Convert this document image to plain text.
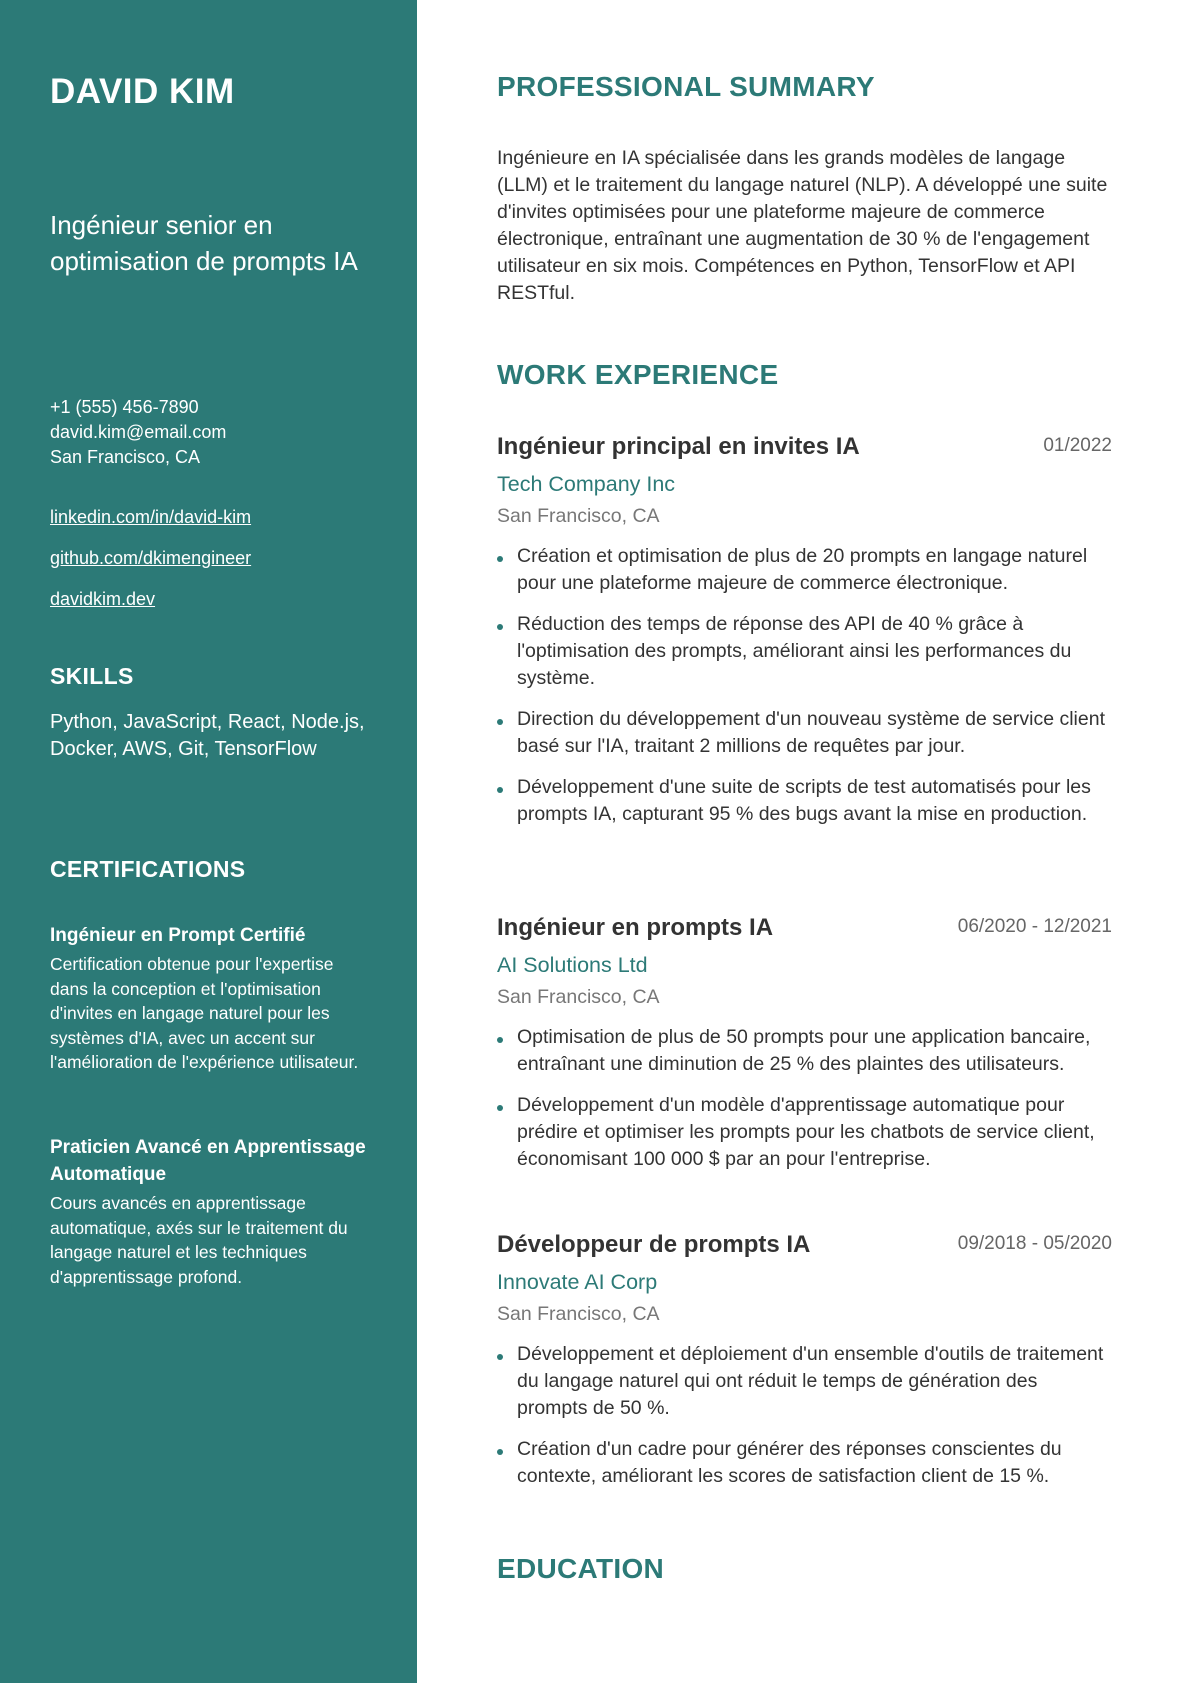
DAVID KIM
Ingénieur senior en optimisation de prompts IA
+1 (555) 456-7890
david.kim@email.com
San Francisco, CA
linkedin.com/in/david-kim
github.com/dkimengineer
davidkim.dev
SKILLS
Python, JavaScript, React, Node.js, Docker, AWS, Git, TensorFlow
CERTIFICATIONS
Ingénieur en Prompt Certifié
Certification obtenue pour l'expertise dans la conception et l'optimisation d'invites en langage naturel pour les systèmes d'IA, avec un accent sur l'amélioration de l'expérience utilisateur.
Praticien Avancé en Apprentissage Automatique
Cours avancés en apprentissage automatique, axés sur le traitement du langage naturel et les techniques d'apprentissage profond.
PROFESSIONAL SUMMARY
Ingénieure en IA spécialisée dans les grands modèles de langage (LLM) et le traitement du langage naturel (NLP). A développé une suite d'invites optimisées pour une plateforme majeure de commerce électronique, entraînant une augmentation de 30 % de l'engagement utilisateur en six mois. Compétences en Python, TensorFlow et API RESTful.
WORK EXPERIENCE
Ingénieur principal en invites IA	01/2022
Tech Company Inc
San Francisco, CA
Création et optimisation de plus de 20 prompts en langage naturel pour une plateforme majeure de commerce électronique.
Réduction des temps de réponse des API de 40 % grâce à l'optimisation des prompts, améliorant ainsi les performances du système.
Direction du développement d'un nouveau système de service client basé sur l'IA, traitant 2 millions de requêtes par jour.
Développement d'une suite de scripts de test automatisés pour les prompts IA, capturant 95 % des bugs avant la mise en production.
Ingénieur en prompts IA	06/2020 - 12/2021
AI Solutions Ltd
San Francisco, CA
Optimisation de plus de 50 prompts pour une application bancaire, entraînant une diminution de 25 % des plaintes des utilisateurs.
Développement d'un modèle d'apprentissage automatique pour prédire et optimiser les prompts pour les chatbots de service client, économisant 100 000 $ par an pour l'entreprise.
Développeur de prompts IA	09/2018 - 05/2020
Innovate AI Corp
San Francisco, CA
Développement et déploiement d'un ensemble d'outils de traitement du langage naturel qui ont réduit le temps de génération des prompts de 50 %.
Création d'un cadre pour générer des réponses conscientes du contexte, améliorant les scores de satisfaction client de 15 %.
EDUCATION
